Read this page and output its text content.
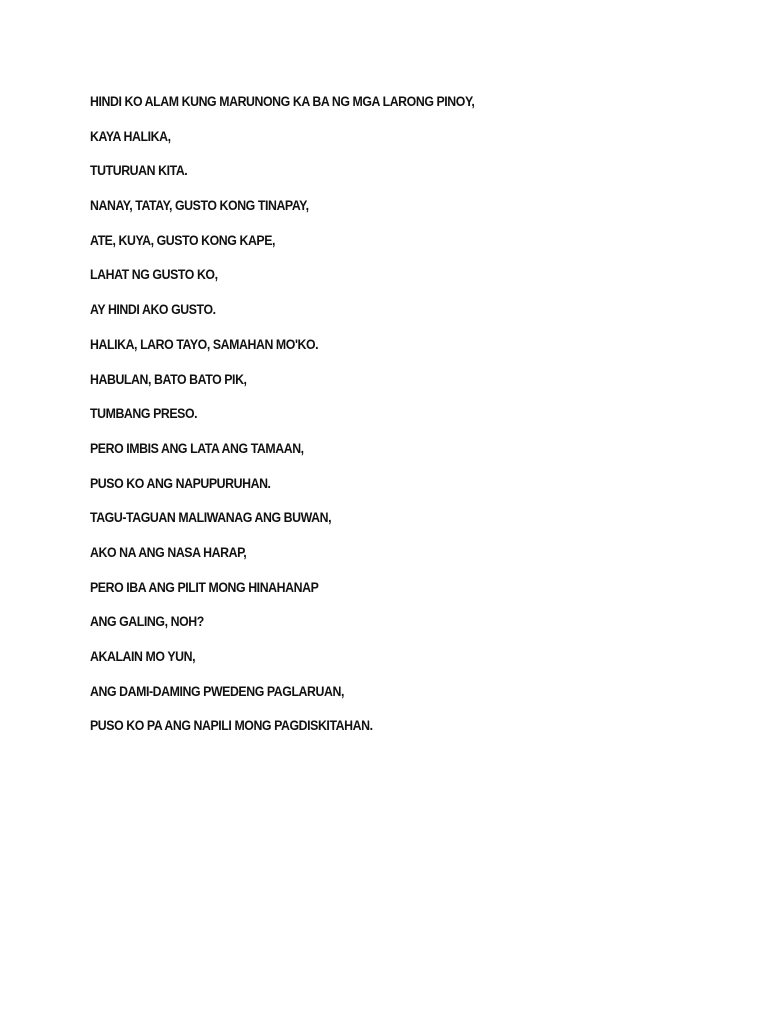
HINDI KO ALAM KUNG MARUNONG KA BA NG MGA LARONG PINOY,
KAYA HALIKA,
TUTURUAN KITA.
NANAY, TATAY, GUSTO KONG TINAPAY,
ATE, KUYA, GUSTO KONG KAPE,
LAHAT NG GUSTO KO,
AY HINDI AKO GUSTO.
HALIKA, LARO TAYO, SAMAHAN MO'KO.
HABULAN, BATO BATO PIK,
TUMBANG PRESO.
PERO IMBIS ANG LATA ANG TAMAAN,
PUSO KO ANG NAPUPURUHAN.
TAGU-TAGUAN MALIWANAG ANG BUWAN,
AKO NA ANG NASA HARAP,
PERO IBA ANG PILIT MONG HINAHANAP
ANG GALING, NOH?
AKALAIN MO YUN,
ANG DAMI-DAMING PWEDENG PAGLARUAN,
PUSO KO PA ANG NAPILI MONG PAGDISKITAHAN.
